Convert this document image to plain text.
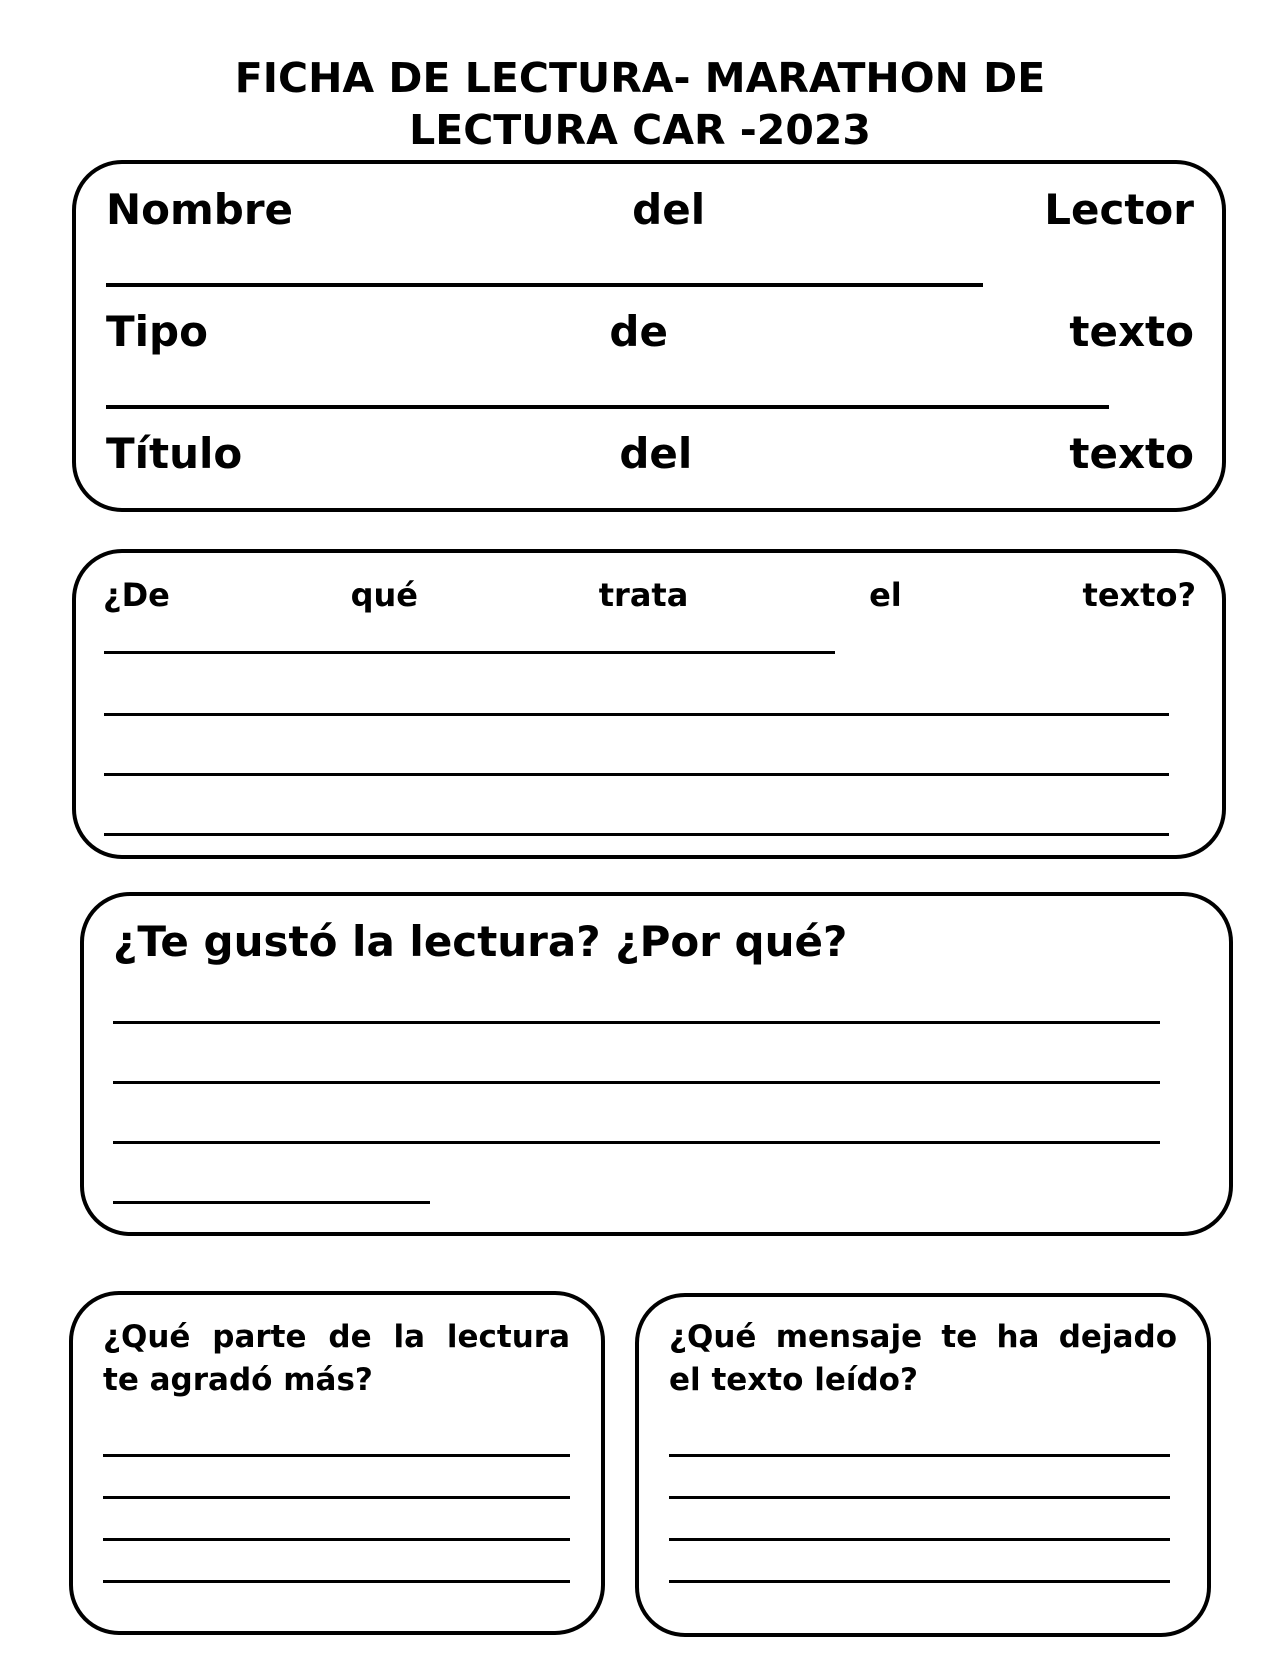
FICHA DE LECTURA- MARATHON DE
LECTURA CAR -2023
Nombre	del	Lector
Tipo	de	texto
Título	del	texto
¿De	qué	trata	el	texto?
¿Te gustó la lectura? ¿Por qué?

¿Qué parte de la lectura te agradó más?

¿Qué mensaje te ha dejado el texto leído?
